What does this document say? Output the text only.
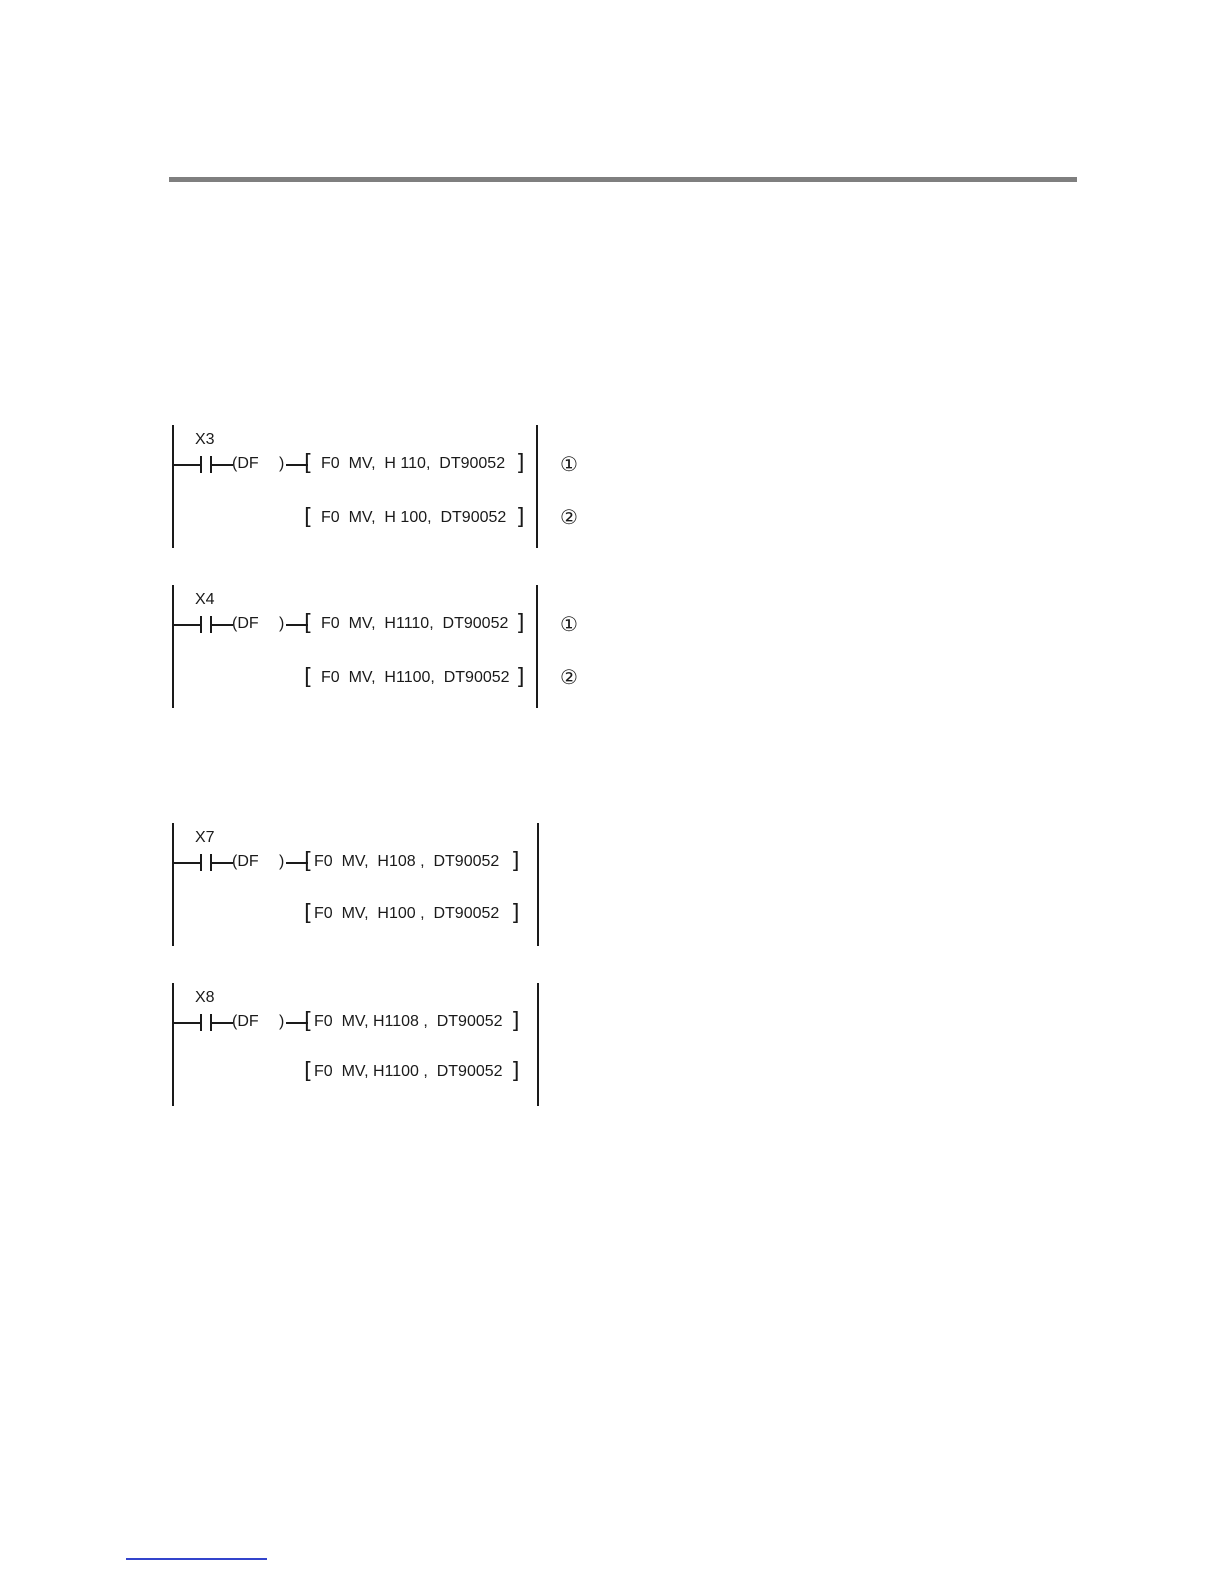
X3
(DF ) [ F0  MV,  H 110,  DT90052 ]
[ F0  MV,  H 100,  DT90052 ]
①
②
X4
(DF ) [ F0  MV,  H1110,  DT90052 ]
[ F0  MV,  H1100,  DT90052 ]
①
②
X7
(DF ) [ F0  MV,  H108 ,  DT90052 ]
[ F0  MV,  H100 ,  DT90052 ]
X8
(DF ) [ F0  MV, H1108 ,  DT90052 ]
[ F0  MV, H1100 ,  DT90052 ]
